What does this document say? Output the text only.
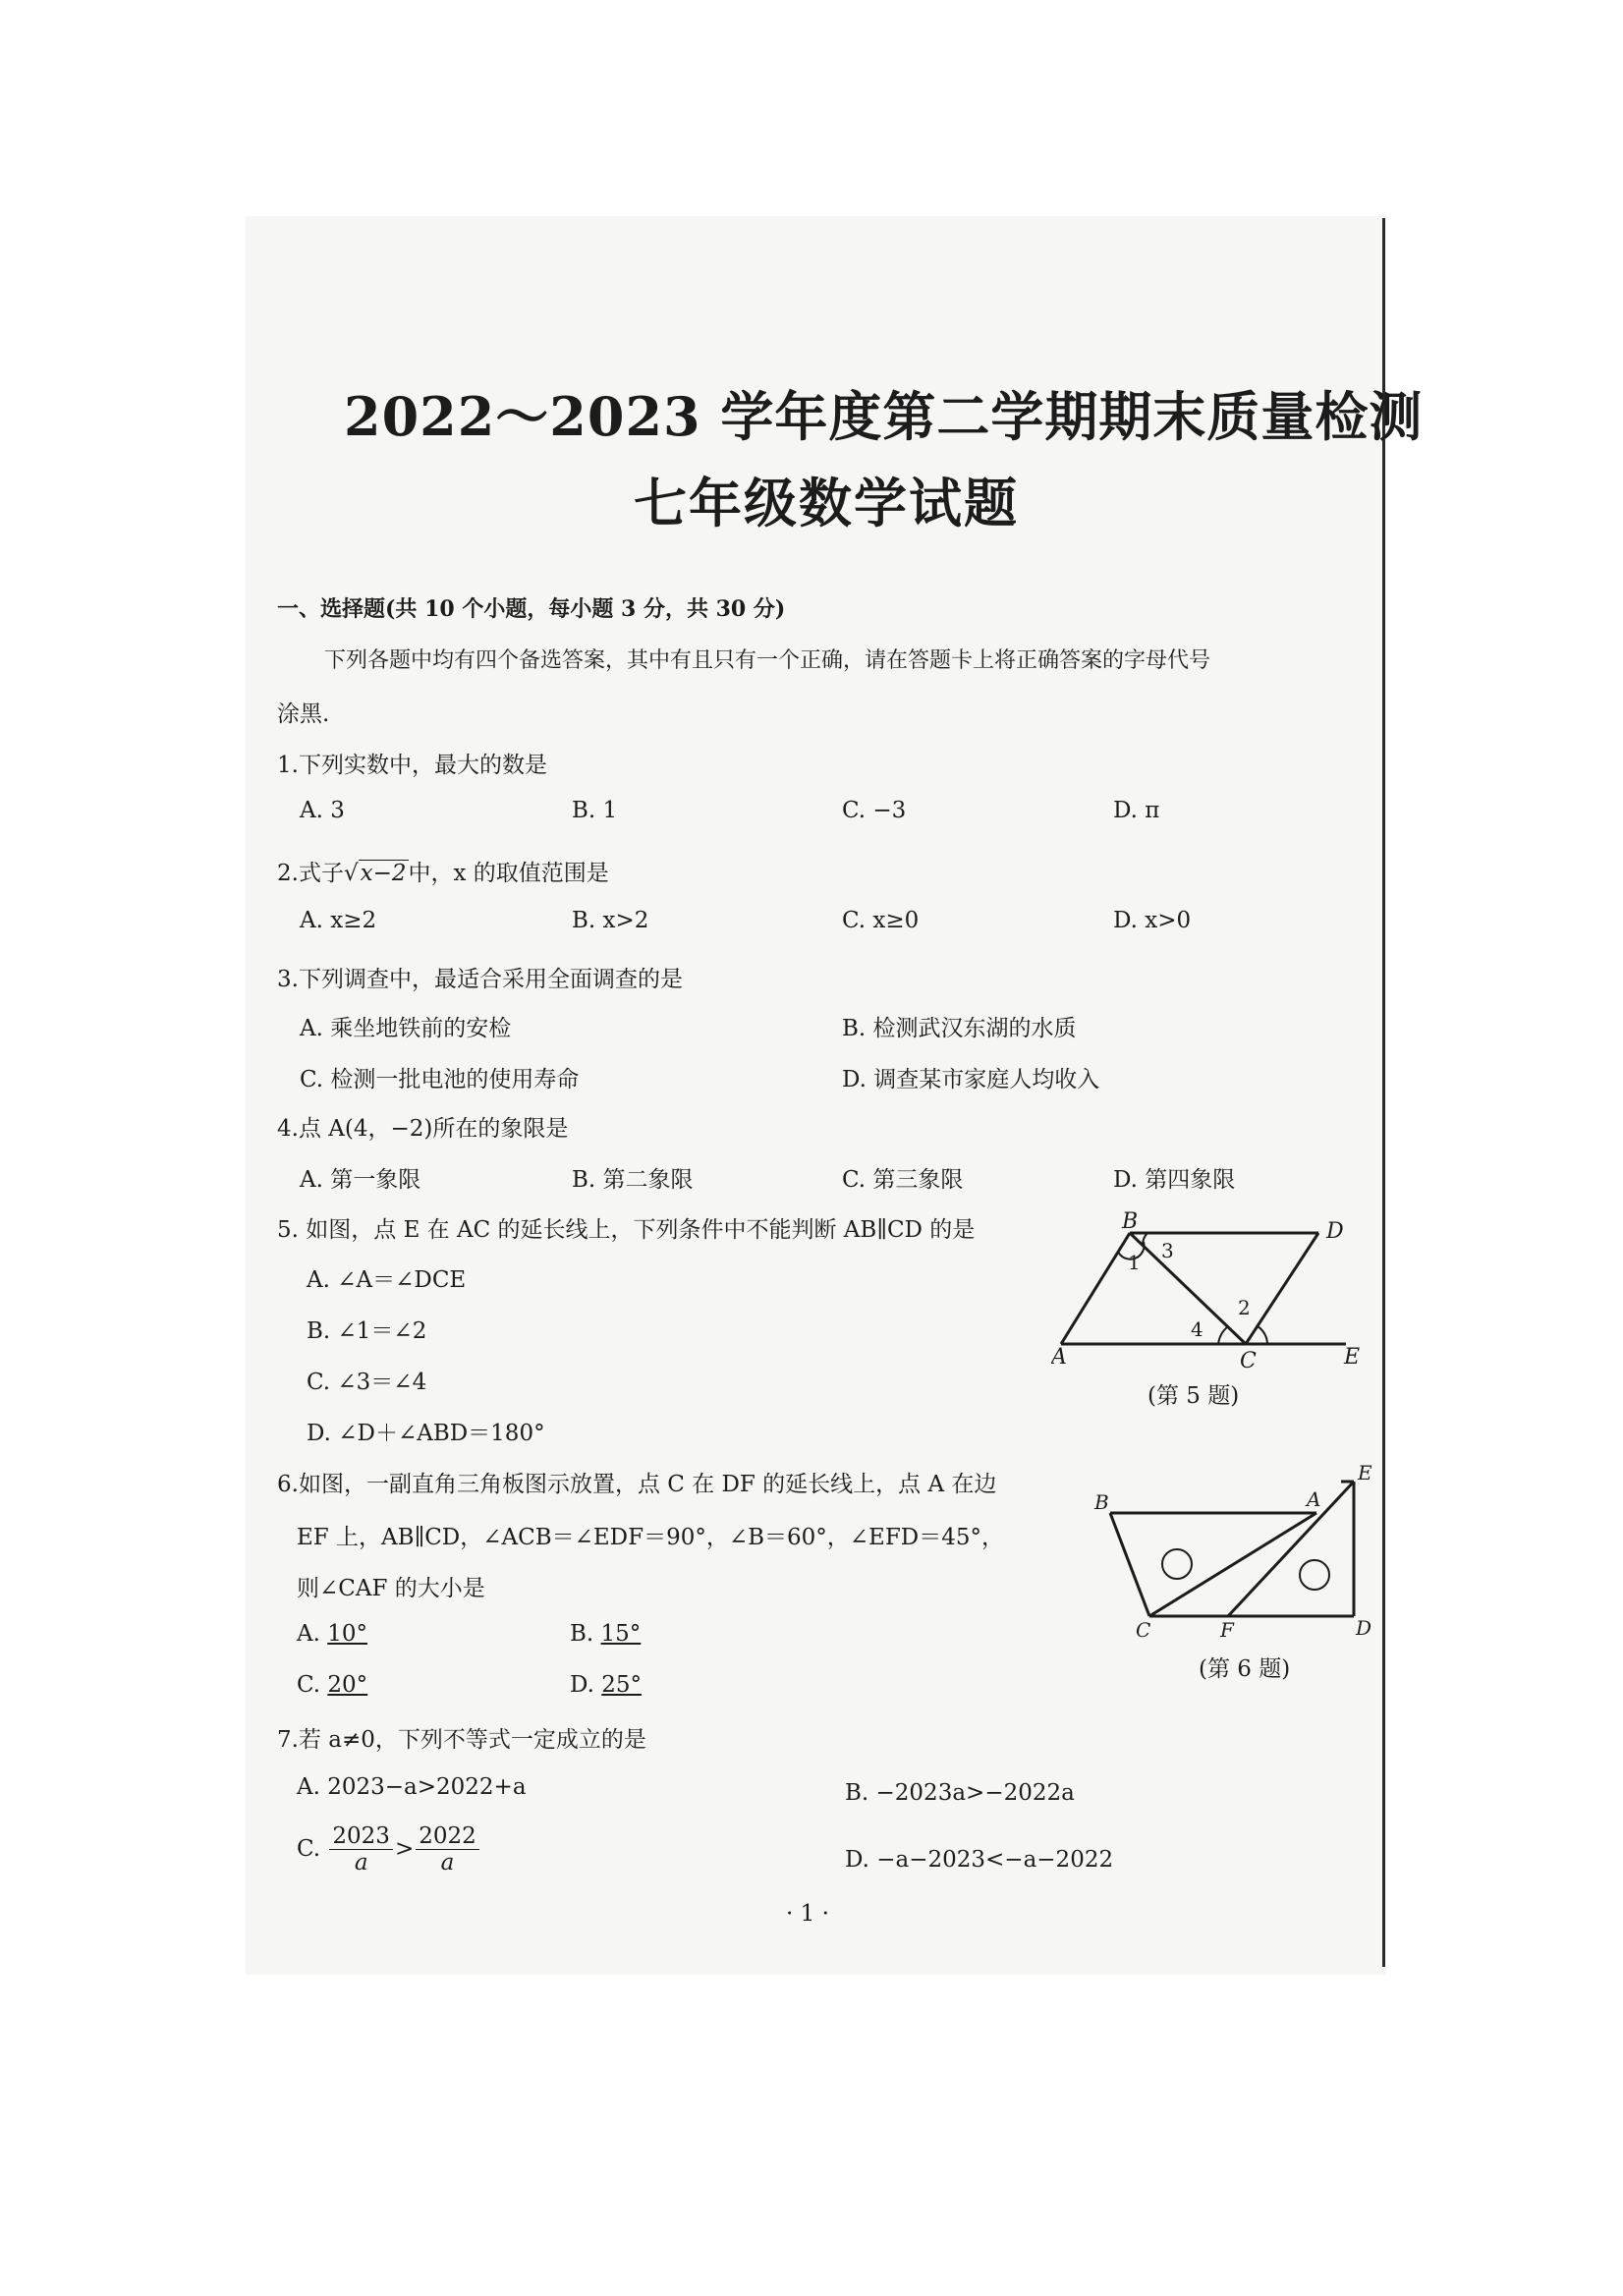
2022～2023 学年度第二学期期末质量检测
七年级数学试题
一、选择题(共 10 个小题，每小题 3 分，共 30 分)
下列各题中均有四个备选答案，其中有且只有一个正确，请在答题卡上将正确答案的字母代号
涂黑.
1.下列实数中，最大的数是
A. 3	B. 1	C. −3	D. π
2.式子√x−2中，x 的取值范围是
A. x≥2	B. x>2	C. x≥0	D. x>0
3.下列调查中，最适合采用全面调查的是
A. 乘坐地铁前的安检	B. 检测武汉东湖的水质
C. 检测一批电池的使用寿命	D. 调查某市家庭人均收入
4.点 A(4，−2)所在的象限是
A. 第一象限	B. 第二象限	C. 第三象限	D. 第四象限
5. 如图，点 E 在 AC 的延长线上，下列条件中不能判断 AB∥CD 的是
A. ∠A＝∠DCE
B. ∠1＝∠2
C. ∠3＝∠4
D. ∠D＋∠ABD＝180°
B	D
A	C	E
1 3
2
4
(第 5 题)
6.如图，一副直角三角板图示放置，点 C 在 DF 的延长线上，点 A 在边
EF 上，AB∥CD，∠ACB＝∠EDF＝90°，∠B＝60°，∠EFD＝45°，
则∠CAF 的大小是
A. 10°	B. 15°
C. 20°	D. 25°
E
B	A
C	F	D
(第 6 题)
7.若 a≠0，下列不等式一定成立的是
A. 2023−a>2022+a	B. −2023a>−2022a
C. $\frac{2023}{a} > \frac{2022}{a}$	D. −a−2023<−a−2022
· 1 ·
